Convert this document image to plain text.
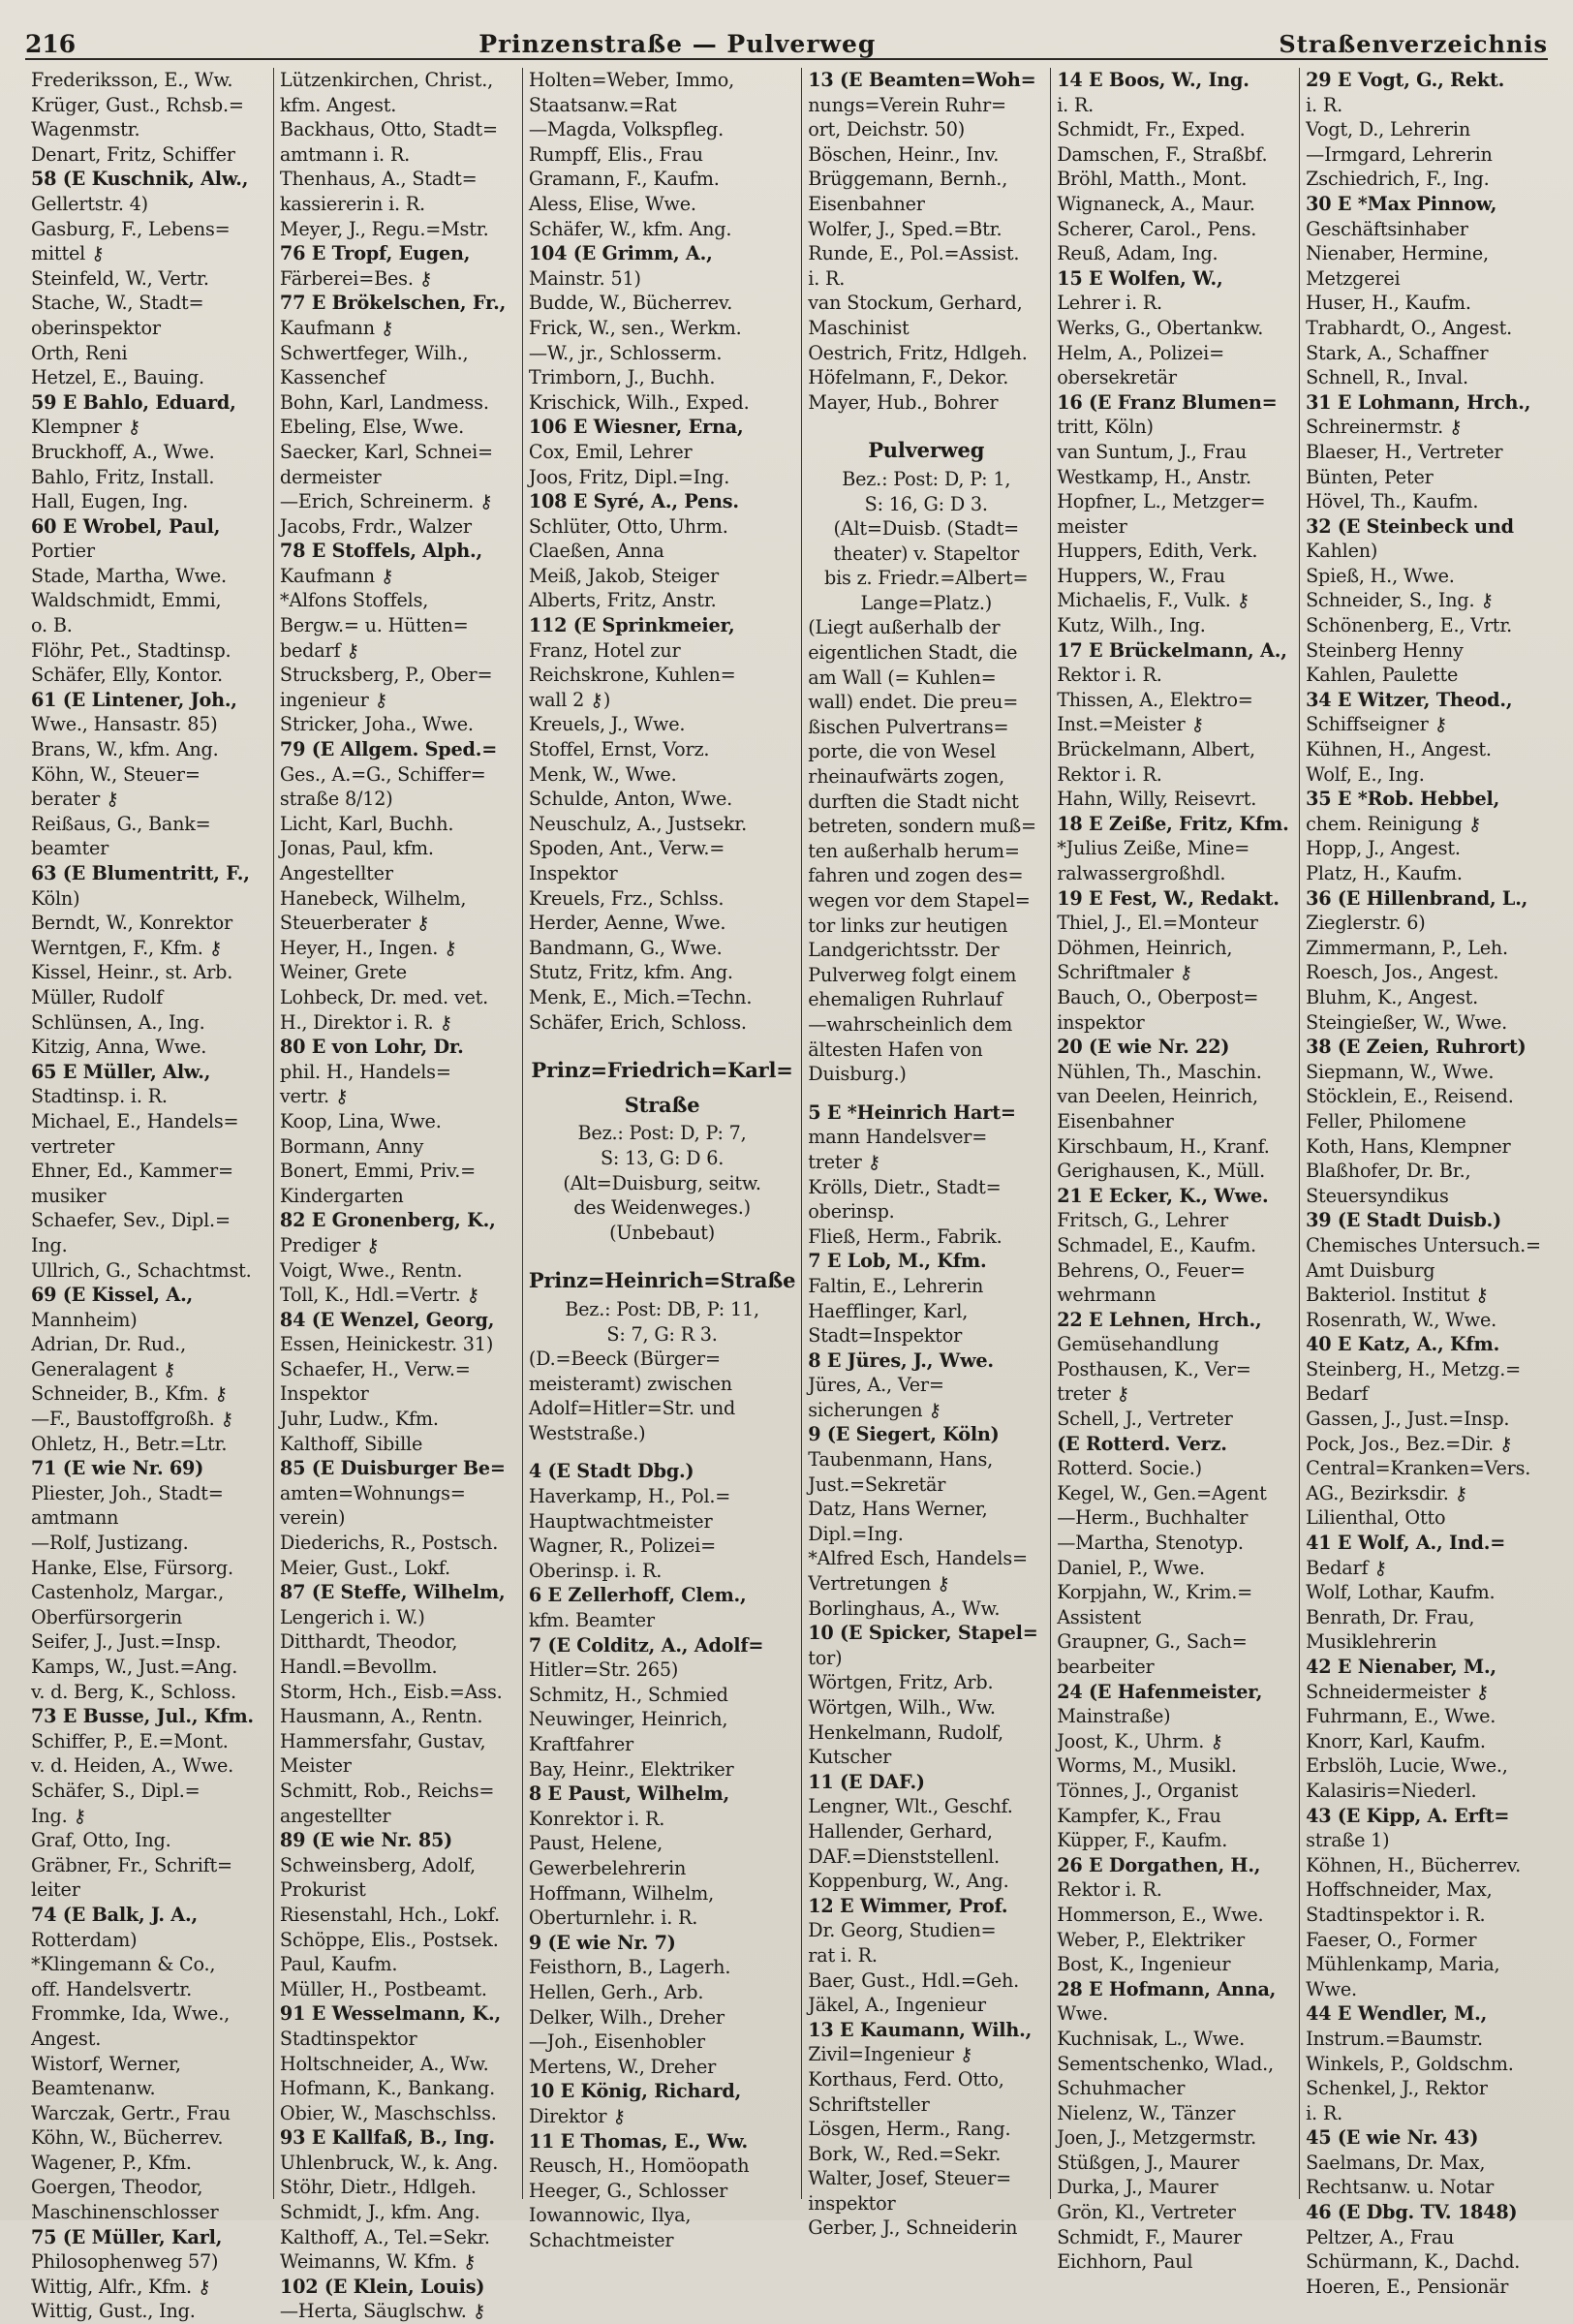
216	Prinzenstraße — Pulverweg	Straßenverzeichnis
Frederiksson, E., Ww.
Krüger, Gust., Rchsb.=
Wagenmstr.
Denart, Fritz, Schiffer
58 (E Kuschnik, Alw.,
Gellertstr. 4)
Gasburg, F., Lebens=
mittel ⚷
Steinfeld, W., Vertr.
Stache, W., Stadt=
oberinspektor
Orth, Reni
Hetzel, E., Bauing.
59 E Bahlo, Eduard,
Klempner ⚷
Bruckhoff, A., Wwe.
Bahlo, Fritz, Install.
Hall, Eugen, Ing.
60 E Wrobel, Paul,
Portier
Stade, Martha, Wwe.
Waldschmidt, Emmi,
o. B.
Flöhr, Pet., Stadtinsp.
Schäfer, Elly, Kontor.
61 (E Lintener, Joh.,
Wwe., Hansastr. 85)
Brans, W., kfm. Ang.
Köhn, W., Steuer=
berater ⚷
Reißaus, G., Bank=
beamter
63 (E Blumentritt, F.,
Köln)
Berndt, W., Konrektor
Werntgen, F., Kfm. ⚷
Kissel, Heinr., st. Arb.
Müller, Rudolf
Schlünsen, A., Ing.
Kitzig, Anna, Wwe.
65 E Müller, Alw.,
Stadtinsp. i. R.
Michael, E., Handels=
vertreter
Ehner, Ed., Kammer=
musiker
Schaefer, Sev., Dipl.=
Ing.
Ullrich, G., Schachtmst.
69 (E Kissel, A.,
Mannheim)
Adrian, Dr. Rud.,
Generalagent ⚷
Schneider, B., Kfm. ⚷
—F., Baustoffgroßh. ⚷
Ohletz, H., Betr.=Ltr.
71 (E wie Nr. 69)
Pliester, Joh., Stadt=
amtmann
—Rolf, Justizang.
Hanke, Else, Fürsorg.
Castenholz, Margar.,
Oberfürsorgerin
Seifer, J., Just.=Insp.
Kamps, W., Just.=Ang.
v. d. Berg, K., Schloss.
73 E Busse, Jul., Kfm.
Schiffer, P., E.=Mont.
v. d. Heiden, A., Wwe.
Schäfer, S., Dipl.=
Ing. ⚷
Graf, Otto, Ing.
Gräbner, Fr., Schrift=
leiter
74 (E Balk, J. A.,
Rotterdam)
*Klingemann & Co.,
off. Handelsvertr.
Frommke, Ida, Wwe.,
Angest.
Wistorf, Werner,
Beamtenanw.
Warczak, Gertr., Frau
Köhn, W., Bücherrev.
Wagener, P., Kfm.
Goergen, Theodor,
Maschinenschlosser
75 (E Müller, Karl,
Philosophenweg 57)
Wittig, Alfr., Kfm. ⚷
Wittig, Gust., Ing.
Lützenkirchen, Christ.,
kfm. Angest.
Backhaus, Otto, Stadt=
amtmann i. R.
Thenhaus, A., Stadt=
kassiererin i. R.
Meyer, J., Regu.=Mstr.
76 E Tropf, Eugen,
Färberei=Bes. ⚷
77 E Brökelschen, Fr.,
Kaufmann ⚷
Schwertfeger, Wilh.,
Kassenchef
Bohn, Karl, Landmess.
Ebeling, Else, Wwe.
Saecker, Karl, Schnei=
dermeister
—Erich, Schreinerm. ⚷
Jacobs, Frdr., Walzer
78 E Stoffels, Alph.,
Kaufmann ⚷
*Alfons Stoffels,
Bergw.= u. Hütten=
bedarf ⚷
Strucksberg, P., Ober=
ingenieur ⚷
Stricker, Joha., Wwe.
79 (E Allgem. Sped.=
Ges., A.=G., Schiffer=
straße 8/12)
Licht, Karl, Buchh.
Jonas, Paul, kfm.
Angestellter
Hanebeck, Wilhelm,
Steuerberater ⚷
Heyer, H., Ingen. ⚷
Weiner, Grete
Lohbeck, Dr. med. vet.
H., Direktor i. R. ⚷
80 E von Lohr, Dr.
phil. H., Handels=
vertr. ⚷
Koop, Lina, Wwe.
Bormann, Anny
Bonert, Emmi, Priv.=
Kindergarten
82 E Gronenberg, K.,
Prediger ⚷
Voigt, Wwe., Rentn.
Toll, K., Hdl.=Vertr. ⚷
84 (E Wenzel, Georg,
Essen, Heinickestr. 31)
Schaefer, H., Verw.=
Inspektor
Juhr, Ludw., Kfm.
Kalthoff, Sibille
85 (E Duisburger Be=
amten=Wohnungs=
verein)
Diederichs, R., Postsch.
Meier, Gust., Lokf.
87 (E Steffe, Wilhelm,
Lengerich i. W.)
Ditthardt, Theodor,
Handl.=Bevollm.
Storm, Hch., Eisb.=Ass.
Hausmann, A., Rentn.
Hammersfahr, Gustav,
Meister
Schmitt, Rob., Reichs=
angestellter
89 (E wie Nr. 85)
Schweinsberg, Adolf,
Prokurist
Riesenstahl, Hch., Lokf.
Schöppe, Elis., Postsek.
Paul, Kaufm.
Müller, H., Postbeamt.
91 E Wesselmann, K.,
Stadtinspektor
Holtschneider, A., Ww.
Hofmann, K., Bankang.
Obier, W., Maschschlss.
93 E Kallfaß, B., Ing.
Uhlenbruck, W., k. Ang.
Stöhr, Dietr., Hdlgeh.
Schmidt, J., kfm. Ang.
Kalthoff, A., Tel.=Sekr.
Weimanns, W. Kfm. ⚷
102 (E Klein, Louis)
—Herta, Säuglschw. ⚷
Holten=Weber, Immo,
Staatsanw.=Rat
—Magda, Volkspfleg.
Rumpff, Elis., Frau
Gramann, F., Kaufm.
Aless, Elise, Wwe.
Schäfer, W., kfm. Ang.
104 (E Grimm, A.,
Mainstr. 51)
Budde, W., Bücherrev.
Frick, W., sen., Werkm.
—W., jr., Schlosserm.
Trimborn, J., Buchh.
Krischick, Wilh., Exped.
106 E Wiesner, Erna,
Cox, Emil, Lehrer
Joos, Fritz, Dipl.=Ing.
108 E Syré, A., Pens.
Schlüter, Otto, Uhrm.
Claeßen, Anna
Meiß, Jakob, Steiger
Alberts, Fritz, Anstr.
112 (E Sprinkmeier,
Franz, Hotel zur
Reichskrone, Kuhlen=
wall 2 ⚷)
Kreuels, J., Wwe.
Stoffel, Ernst, Vorz.
Menk, W., Wwe.
Schulde, Anton, Wwe.
Neuschulz, A., Justsekr.
Spoden, Ant., Verw.=
Inspektor
Kreuels, Frz., Schlss.
Herder, Aenne, Wwe.
Bandmann, G., Wwe.
Stutz, Fritz, kfm. Ang.
Menk, E., Mich.=Techn.
Schäfer, Erich, Schloss.
Prinz=Friedrich=Karl=
Straße
Bez.: Post: D, P: 7,
S: 13, G: D 6.
(Alt=Duisburg, seitw.
des Weidenweges.)
(Unbebaut)
Prinz=Heinrich=Straße
Bez.: Post: DB, P: 11,
S: 7, G: R 3.
(D.=Beeck (Bürger=
meisteramt) zwischen
Adolf=Hitler=Str. und
Weststraße.)
4 (E Stadt Dbg.)
Haverkamp, H., Pol.=
Hauptwachtmeister
Wagner, R., Polizei=
Oberinsp. i. R.
6 E Zellerhoff, Clem.,
kfm. Beamter
7 (E Colditz, A., Adolf=
Hitler=Str. 265)
Schmitz, H., Schmied
Neuwinger, Heinrich,
Kraftfahrer
Bay, Heinr., Elektriker
8 E Paust, Wilhelm,
Konrektor i. R.
Paust, Helene,
Gewerbelehrerin
Hoffmann, Wilhelm,
Oberturnlehr. i. R.
9 (E wie Nr. 7)
Feisthorn, B., Lagerh.
Hellen, Gerh., Arb.
Delker, Wilh., Dreher
—Joh., Eisenhobler
Mertens, W., Dreher
10 E König, Richard,
Direktor ⚷
11 E Thomas, E., Ww.
Reusch, H., Homöopath
Heeger, G., Schlosser
Iowannowic, Ilya,
Schachtmeister
13 (E Beamten=Woh=
nungs=Verein Ruhr=
ort, Deichstr. 50)
Böschen, Heinr., Inv.
Brüggemann, Bernh.,
Eisenbahner
Wolfer, J., Sped.=Btr.
Runde, E., Pol.=Assist.
i. R.
van Stockum, Gerhard,
Maschinist
Oestrich, Fritz, Hdlgeh.
Höfelmann, F., Dekor.
Mayer, Hub., Bohrer
Pulverweg
Bez.: Post: D, P: 1,
S: 16, G: D 3.
(Alt=Duisb. (Stadt=
theater) v. Stapeltor
bis z. Friedr.=Albert=
Lange=Platz.)
(Liegt außerhalb der
eigentlichen Stadt, die
am Wall (= Kuhlen=
wall) endet. Die preu=
ßischen Pulvertrans=
porte, die von Wesel
rheinaufwärts zogen,
durften die Stadt nicht
betreten, sondern muß=
ten außerhalb herum=
fahren und zogen des=
wegen vor dem Stapel=
tor links zur heutigen
Landgerichtsstr. Der
Pulverweg folgt einem
ehemaligen Ruhrlauf
—wahrscheinlich dem
ältesten Hafen von
Duisburg.)
5 E *Heinrich Hart=
mann Handelsver=
treter ⚷
Krölls, Dietr., Stadt=
oberinsp.
Fließ, Herm., Fabrik.
7 E Lob, M., Kfm.
Faltin, E., Lehrerin
Haefflinger, Karl,
Stadt=Inspektor
8 E Jüres, J., Wwe.
Jüres, A., Ver=
sicherungen ⚷
9 (E Siegert, Köln)
Taubenmann, Hans,
Just.=Sekretär
Datz, Hans Werner,
Dipl.=Ing.
*Alfred Esch, Handels=
Vertretungen ⚷
Borlinghaus, A., Ww.
10 (E Spicker, Stapel=
tor)
Wörtgen, Fritz, Arb.
Wörtgen, Wilh., Ww.
Henkelmann, Rudolf,
Kutscher
11 (E DAF.)
Lengner, Wlt., Geschf.
Hallender, Gerhard,
DAF.=Dienststellenl.
Koppenburg, W., Ang.
12 E Wimmer, Prof.
Dr. Georg, Studien=
rat i. R.
Baer, Gust., Hdl.=Geh.
Jäkel, A., Ingenieur
13 E Kaumann, Wilh.,
Zivil=Ingenieur ⚷
Korthaus, Ferd. Otto,
Schriftsteller
Lösgen, Herm., Rang.
Bork, W., Red.=Sekr.
Walter, Josef, Steuer=
inspektor
Gerber, J., Schneiderin
14 E Boos, W., Ing.
i. R.
Schmidt, Fr., Exped.
Damschen, F., Straßbf.
Bröhl, Matth., Mont.
Wignaneck, A., Maur.
Scherer, Carol., Pens.
Reuß, Adam, Ing.
15 E Wolfen, W.,
Lehrer i. R.
Werks, G., Obertankw.
Helm, A., Polizei=
obersekretär
16 (E Franz Blumen=
tritt, Köln)
van Suntum, J., Frau
Westkamp, H., Anstr.
Hopfner, L., Metzger=
meister
Huppers, Edith, Verk.
Huppers, W., Frau
Michaelis, F., Vulk. ⚷
Kutz, Wilh., Ing.
17 E Brückelmann, A.,
Rektor i. R.
Thissen, A., Elektro=
Inst.=Meister ⚷
Brückelmann, Albert,
Rektor i. R.
Hahn, Willy, Reisevrt.
18 E Zeiße, Fritz, Kfm.
*Julius Zeiße, Mine=
ralwassergroßhdl.
19 E Fest, W., Redakt.
Thiel, J., El.=Monteur
Döhmen, Heinrich,
Schriftmaler ⚷
Bauch, O., Oberpost=
inspektor
20 (E wie Nr. 22)
Nühlen, Th., Maschin.
van Deelen, Heinrich,
Eisenbahner
Kirschbaum, H., Kranf.
Gerighausen, K., Müll.
21 E Ecker, K., Wwe.
Fritsch, G., Lehrer
Schmadel, E., Kaufm.
Behrens, O., Feuer=
wehrmann
22 E Lehnen, Hrch.,
Gemüsehandlung
Posthausen, K., Ver=
treter ⚷
Schell, J., Vertreter
(E Rotterd. Verz.
Rotterd. Socie.)
Kegel, W., Gen.=Agent
—Herm., Buchhalter
—Martha, Stenotyp.
Daniel, P., Wwe.
Korpjahn, W., Krim.=
Assistent
Graupner, G., Sach=
bearbeiter
24 (E Hafenmeister,
Mainstraße)
Joost, K., Uhrm. ⚷
Worms, M., Musikl.
Tönnes, J., Organist
Kampfer, K., Frau
Küpper, F., Kaufm.
26 E Dorgathen, H.,
Rektor i. R.
Hommerson, E., Wwe.
Weber, P., Elektriker
Bost, K., Ingenieur
28 E Hofmann, Anna,
Wwe.
Kuchnisak, L., Wwe.
Sementschenko, Wlad.,
Schuhmacher
Nielenz, W., Tänzer
Joen, J., Metzgermstr.
Stüßgen, J., Maurer
Durka, J., Maurer
Grön, Kl., Vertreter
Schmidt, F., Maurer
Eichhorn, Paul
29 E Vogt, G., Rekt.
i. R.
Vogt, D., Lehrerin
—Irmgard, Lehrerin
Zschiedrich, F., Ing.
30 E *Max Pinnow,
Geschäftsinhaber
Nienaber, Hermine,
Metzgerei
Huser, H., Kaufm.
Trabhardt, O., Angest.
Stark, A., Schaffner
Schnell, R., Inval.
31 E Lohmann, Hrch.,
Schreinermstr. ⚷
Blaeser, H., Vertreter
Bünten, Peter
Hövel, Th., Kaufm.
32 (E Steinbeck und
Kahlen)
Spieß, H., Wwe.
Schneider, S., Ing. ⚷
Schönenberg, E., Vrtr.
Steinberg Henny
Kahlen, Paulette
34 E Witzer, Theod.,
Schiffseigner ⚷
Kühnen, H., Angest.
Wolf, E., Ing.
35 E *Rob. Hebbel,
chem. Reinigung ⚷
Hopp, J., Angest.
Platz, H., Kaufm.
36 (E Hillenbrand, L.,
Zieglerstr. 6)
Zimmermann, P., Leh.
Roesch, Jos., Angest.
Bluhm, K., Angest.
Steingießer, W., Wwe.
38 (E Zeien, Ruhrort)
Siepmann, W., Wwe.
Stöcklein, E., Reisend.
Feller, Philomene
Koth, Hans, Klempner
Blaßhofer, Dr. Br.,
Steuersyndikus
39 (E Stadt Duisb.)
Chemisches Untersuch.=
Amt Duisburg
Bakteriol. Institut ⚷
Rosenrath, W., Wwe.
40 E Katz, A., Kfm.
Steinberg, H., Metzg.=
Bedarf
Gassen, J., Just.=Insp.
Pock, Jos., Bez.=Dir. ⚷
Central=Kranken=Vers.
AG., Bezirksdir. ⚷
Lilienthal, Otto
41 E Wolf, A., Ind.=
Bedarf ⚷
Wolf, Lothar, Kaufm.
Benrath, Dr. Frau,
Musiklehrerin
42 E Nienaber, M.,
Schneidermeister ⚷
Fuhrmann, E., Wwe.
Knorr, Karl, Kaufm.
Erbslöh, Lucie, Wwe.,
Kalasiris=Niederl.
43 (E Kipp, A. Erft=
straße 1)
Köhnen, H., Bücherrev.
Hoffschneider, Max,
Stadtinspektor i. R.
Faeser, O., Former
Mühlenkamp, Maria,
Wwe.
44 E Wendler, M.,
Instrum.=Baumstr.
Winkels, P., Goldschm.
Schenkel, J., Rektor
i. R.
45 (E wie Nr. 43)
Saelmans, Dr. Max,
Rechtsanw. u. Notar
46 (E Dbg. TV. 1848)
Peltzer, A., Frau
Schürmann, K., Dachd.
Hoeren, E., Pensionär
